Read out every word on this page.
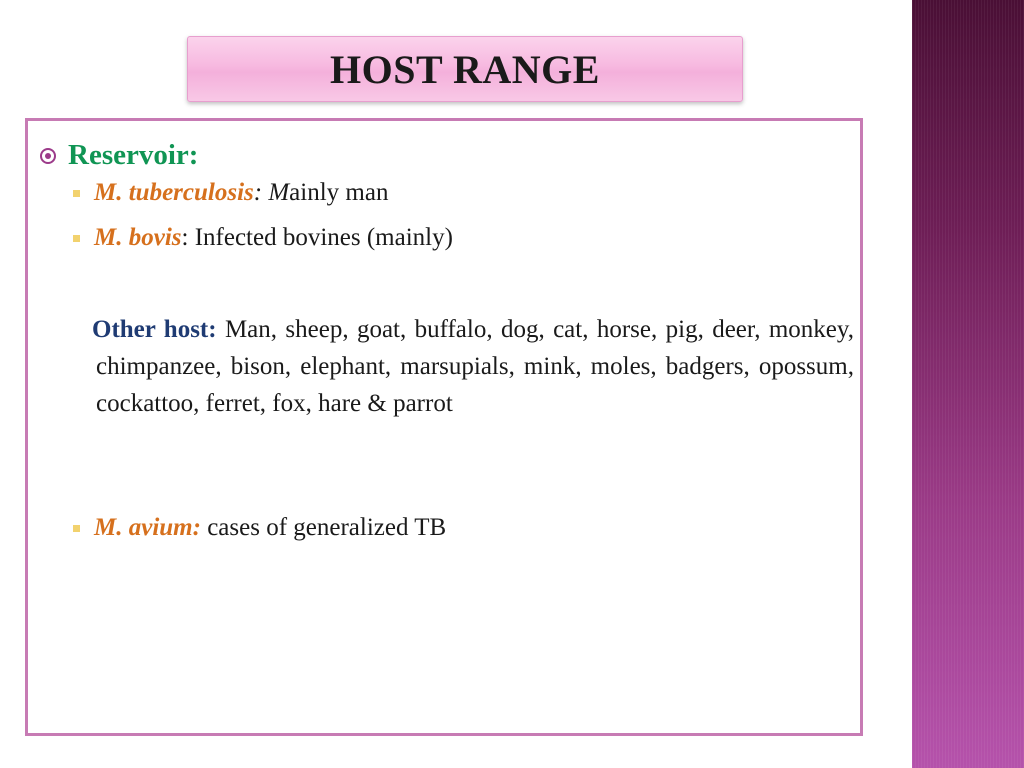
HOST RANGE
Reservoir:
M. tuberculosis: Mainly man
M. bovis: Infected bovines (mainly)
Other host: Man, sheep, goat, buffalo, dog, cat, horse, pig, deer, monkey, chimpanzee, bison, elephant, marsupials, mink, moles, badgers, opossum, cockattoo, ferret, fox, hare & parrot
M. avium: cases of generalized TB
